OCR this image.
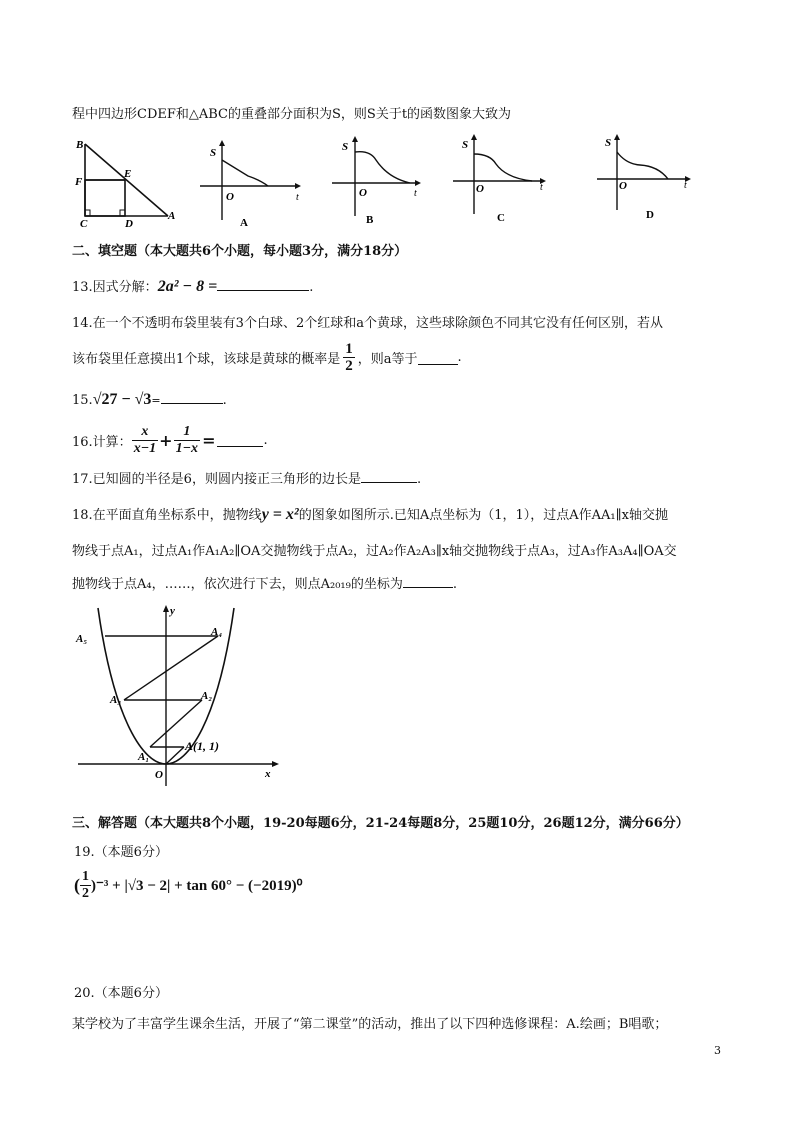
程中四边形CDEF和△ABC的重叠部分面积为S，则S关于t的函数图象大致为
B
F
E
C	D
A
S
t
O
A
S
t
O
B
S
t
O
C
S
t
O
D
二、填空题（本大题共6个小题，每小题3分，满分18分）
13.因式分解：2a² − 8 =	.
14.在一个不透明布袋里装有3个白球、2个红球和a个黄球，这些球除颜色不同其它没有任何区别，若从
该布袋里任意摸出1个球，该球是黄球的概率是 $\frac{1}{2}$ ，则a等于	.
15.√27 − √3=	.
16.计算： $\frac{x}{x-1} + \frac{1}{1-x}$ =	.
17.已知圆的半径是6，则圆内接正三角形的边长是	.
18.在平面直角坐标系中，抛物线y = x²的图象如图所示.已知A点坐标为（1，1），过点A作AA₁∥x轴交抛
物线于点A₁，过点A₁作A₁A₂∥OA交抛物线于点A₂，过A₂作A₂A₃∥x轴交抛物线于点A₃，过A₃作A₃A₄∥OA交
抛物线于点A₄，……，依次进行下去，则点A₂₀₁₉的坐标为	.
y
A₅
A₄
A₃	A₂
A₁
A(1, 1)
O	x
三、解答题（本大题共8个小题，19-20每题6分，21-24每题8分，25题10分，26题12分，满分66分）
19.（本题6分）
( $\frac{1}{2} )^{-3} + |√3 - 2| + \tan 60^\circ - (-2019)^0$
20.（本题6分）
某学校为了丰富学生课余生活，开展了“第二课堂”的活动，推出了以下四种选修课程：A.绘画；B唱歌；
3
